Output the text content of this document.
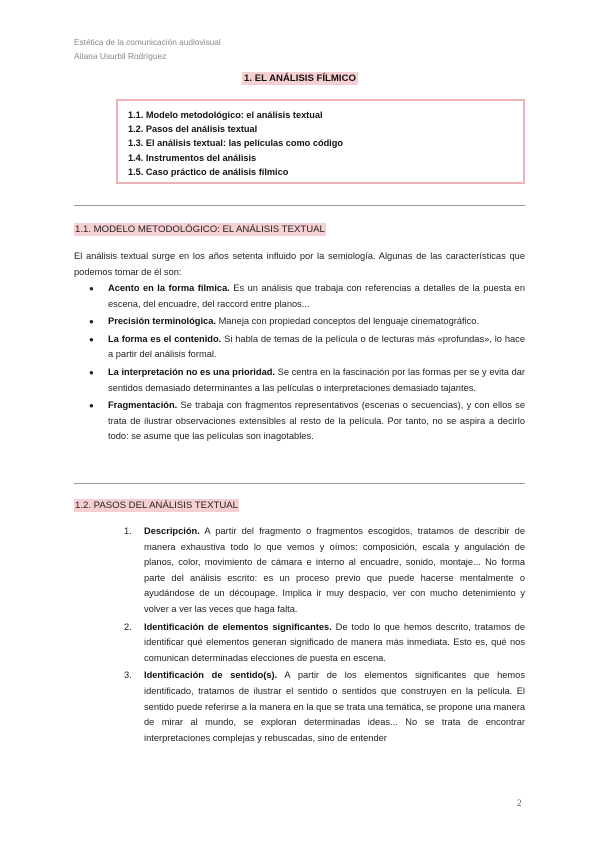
Estética de la comunicación audiovisual
Aitana Usurbil Rodríguez
1. EL ANÁLISIS FÍLMICO
1.1. Modelo metodológico: el análisis textual
1.2. Pasos del análisis textual
1.3. El análisis textual: las películas como código
1.4. Instrumentos del análisis
1.5. Caso práctico de análisis fílmico
1.1. MODELO METODOLÓGICO: EL ANÁLISIS TEXTUAL

El análisis textual surge en los años setenta influido por la semiología. Algunas de las características que podemos tomar de él son:

● Acento en la forma fílmica. Es un análisis que trabaja con referencias a detalles de la puesta en escena, del encuadre, del raccord entre planos...
● Precisión terminológica. Maneja con propiedad conceptos del lenguaje cinematográfico.
● La forma es el contenido. Si habla de temas de la película o de lecturas más «profundas», lo hace a partir del análisis formal.
● La interpretación no es una prioridad. Se centra en la fascinación por las formas per se y evita dar sentidos demasiado determinantes a las películas o interpretaciones demasiado tajantes.
● Fragmentación. Se trabaja con fragmentos representativos (escenas o secuencias), y con ellos se trata de ilustrar observaciones extensibles al resto de la película. Por tanto, no se aspira a decirlo todo: se asume que las películas son inagotables.
1.2. PASOS DEL ANÁLISIS TEXTUAL
1. Descripción. A partir del fragmento o fragmentos escogidos, tratamos de describir de manera exhaustiva todo lo que vemos y oímos: composición, escala y angulación de planos, color, movimiento de cámara e interno al encuadre, sonido, montaje... No forma parte del análisis escrito: es un proceso previo que puede hacerse mentalmente o ayudándose de un découpage. Implica ir muy despacio, ver con mucho detenimiento y volver a ver las veces que haga falta.
2. Identificación de elementos significantes. De todo lo que hemos descrito, tratamos de identificar qué elementos generan significado de manera más inmediata. Esto es, qué nos comunican determinadas elecciones de puesta en escena.
3. Identificación de sentido(s). A partir de los elementos significantes que hemos identificado, tratamos de ilustrar el sentido o sentidos que construyen en la película. El sentido puede referirse a la manera en la que se trata una temática, se propone una manera de mirar al mundo, se exploran determinadas ideas... No se trata de encontrar interpretaciones complejas y rebuscadas, sino de entender
2
